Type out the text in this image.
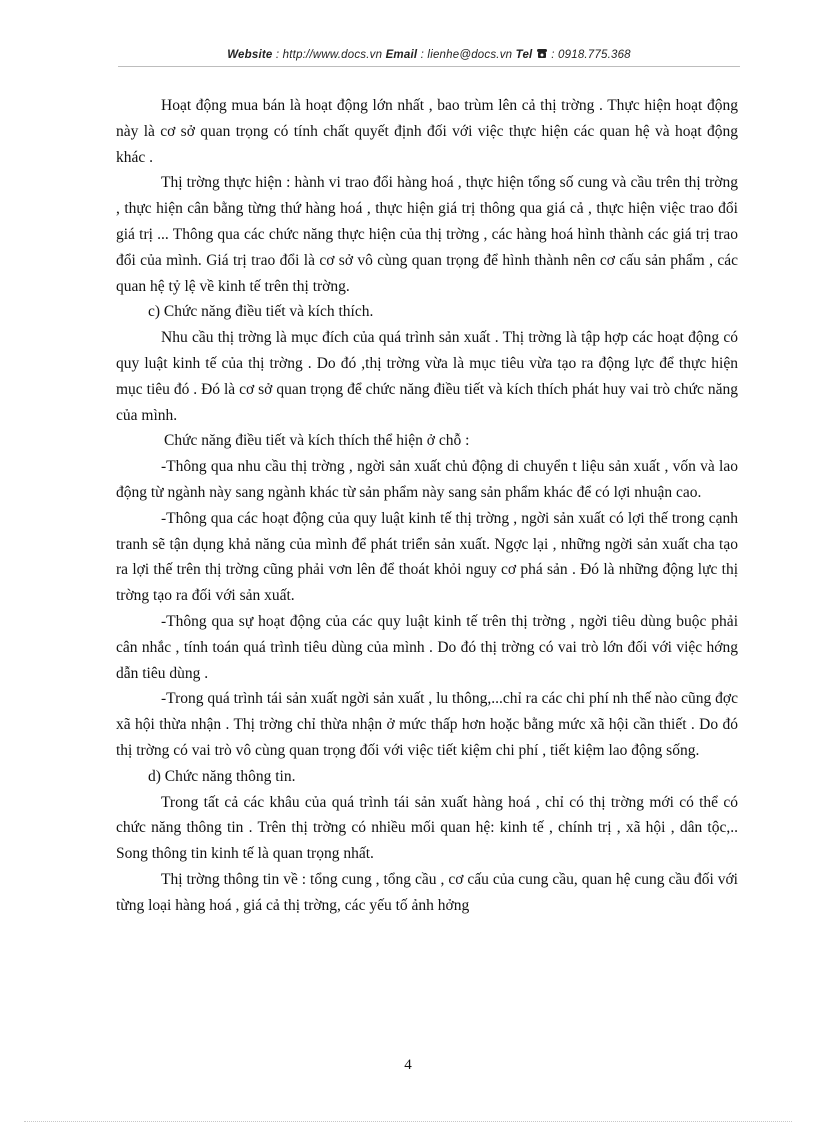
Website : http://www.docs.vn Email : lienhe@docs.vn Tel  : 0918.775.368

Hoạt động mua bán là hoạt động lớn nhất , bao trùm lên cả thị trờng . Thực hiện hoạt động này là cơ sở quan trọng có tính chất quyết định đối với việc thực hiện các quan hệ và hoạt động khác .

Thị trờng thực hiện : hành vi trao đổi hàng hoá , thực hiện tổng số cung và cầu trên thị trờng , thực hiện cân bằng từng thứ hàng hoá , thực hiện giá trị thông qua giá cả , thực hiện việc trao đổi giá trị ... Thông qua các chức năng thực hiện của thị trờng , các hàng hoá hình thành các giá trị trao đổi của mình. Giá trị trao đổi là cơ sở vô cùng quan trọng để hình thành nên cơ cấu sản phẩm , các quan hệ tỷ lệ về kinh tế trên thị trờng.

c) Chức năng điều tiết và kích thích.

Nhu cầu thị trờng là mục đích của quá trình sản xuất . Thị trờng là tập hợp các hoạt động có quy luật kinh tế của thị trờng . Do đó ,thị trờng vừa là mục tiêu vừa tạo ra động lực để thực hiện mục tiêu đó . Đó là cơ sở quan trọng để chức năng điều tiết và kích thích phát huy vai trò chức năng của mình.

Chức năng điều tiết và kích thích thể hiện ở chỗ :

-Thông qua nhu cầu thị trờng , ngời sản xuất chủ động di chuyển t liệu sản xuất , vốn và lao động từ ngành này sang ngành khác từ sản phẩm này sang sản phẩm khác để có lợi nhuận cao.

-Thông qua các hoạt động của quy luật kinh tế thị trờng , ngời sản xuất có lợi thế trong cạnh tranh sẽ tận dụng khả năng của mình để phát triển sản xuất. Ngợc lại , những ngời sản xuất cha tạo ra lợi thế trên thị trờng cũng phải vơn lên để thoát khỏi nguy cơ phá sản . Đó là những động lực thị trờng tạo ra đối với sản xuất.

-Thông qua sự hoạt động của các quy luật kinh tế trên thị trờng , ngời tiêu dùng buộc phải cân nhắc , tính toán quá trình tiêu dùng của mình . Do đó thị trờng có vai trò lớn đối với việc hớng dẫn tiêu dùng .

-Trong quá trình tái sản xuất ngời sản xuất , lu thông,...chỉ ra các chi phí nh thế nào cũng đợc xã hội thừa nhận . Thị trờng chỉ thừa nhận ở mức thấp hơn hoặc bằng mức xã hội cần thiết . Do đó thị trờng có vai trò vô cùng quan trọng đối với việc tiết kiệm chi phí , tiết kiệm lao động sống.

d) Chức năng thông tin.

Trong tất cả các khâu của quá trình tái sản xuất hàng hoá , chỉ có thị trờng mới có thể có chức năng thông tin . Trên thị trờng có nhiều mối quan hệ: kinh tế , chính trị , xã hội , dân tộc,.. Song thông tin kinh tế là quan trọng nhất.

Thị trờng thông tin về : tổng cung , tổng cầu , cơ cấu của cung cầu, quan hệ cung cầu đối với từng loại hàng hoá , giá cả thị trờng, các yếu tố ảnh hởng

4
